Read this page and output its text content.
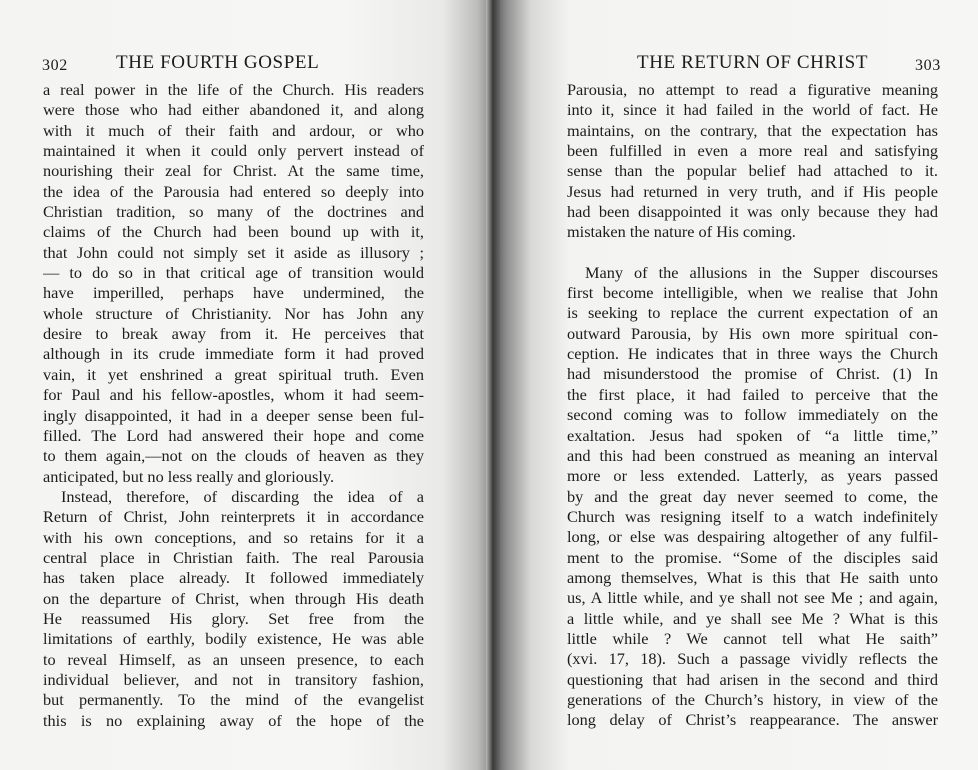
302	THE FOURTH GOSPEL
a real power in the life of the Church. His readers
were those who had either abandoned it, and along
with it much of their faith and ardour, or who
maintained it when it could only pervert instead of
nourishing their zeal for Christ. At the same time,
the idea of the Parousia had entered so deeply into
Christian tradition, so many of the doctrines and
claims of the Church had been bound up with it,
that John could not simply set it aside as illusory ;
— to do so in that critical age of transition would
have imperilled, perhaps have undermined, the
whole structure of Christianity. Nor has John any
desire to break away from it. He perceives that
although in its crude immediate form it had proved
vain, it yet enshrined a great spiritual truth. Even
for Paul and his fellow-apostles, whom it had seem-
ingly disappointed, it had in a deeper sense been ful-
filled. The Lord had answered their hope and come
to them again,—not on the clouds of heaven as they
anticipated, but no less really and gloriously.
Instead, therefore, of discarding the idea of a
Return of Christ, John reinterprets it in accordance
with his own conceptions, and so retains for it a
central place in Christian faith. The real Parousia
has taken place already. It followed immediately
on the departure of Christ, when through His death
He reassumed His glory. Set free from the
limitations of earthly, bodily existence, He was able
to reveal Himself, as an unseen presence, to each
individual believer, and not in transitory fashion,
but permanently. To the mind of the evangelist
this is no explaining away of the hope of the
THE RETURN OF CHRIST	303
Parousia, no attempt to read a figurative meaning
into it, since it had failed in the world of fact. He
maintains, on the contrary, that the expectation has
been fulfilled in even a more real and satisfying
sense than the popular belief had attached to it.
Jesus had returned in very truth, and if His people
had been disappointed it was only because they had
mistaken the nature of His coming.
Many of the allusions in the Supper discourses
first become intelligible, when we realise that John
is seeking to replace the current expectation of an
outward Parousia, by His own more spiritual con-
ception. He indicates that in three ways the Church
had misunderstood the promise of Christ. (1) In
the first place, it had failed to perceive that the
second coming was to follow immediately on the
exaltation. Jesus had spoken of “a little time,”
and this had been construed as meaning an interval
more or less extended. Latterly, as years passed
by and the great day never seemed to come, the
Church was resigning itself to a watch indefinitely
long, or else was despairing altogether of any fulfil-
ment to the promise. “Some of the disciples said
among themselves, What is this that He saith unto
us, A little while, and ye shall not see Me ; and again,
a little while, and ye shall see Me ? What is this
little while ? We cannot tell what He saith”
(xvi. 17, 18). Such a passage vividly reflects the
questioning that had arisen in the second and third
generations of the Church’s history, in view of the
long delay of Christ’s reappearance. The answer
